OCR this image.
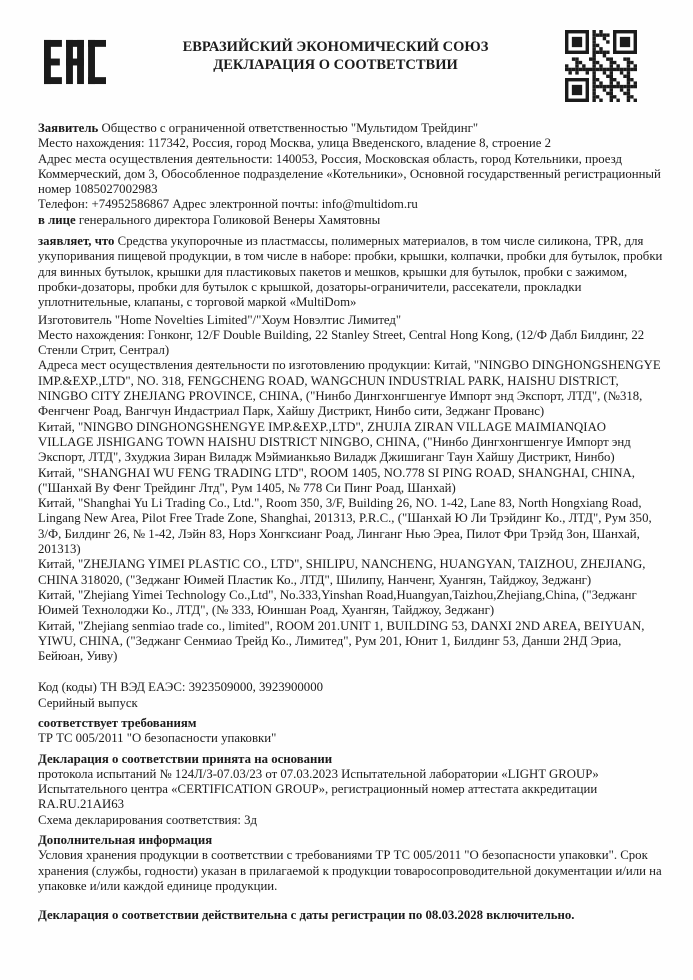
ЕВРАЗИЙСКИЙ ЭКОНОМИЧЕСКИЙ СОЮЗ
ДЕКЛАРАЦИЯ О СООТВЕТСТВИИ
Заявитель Общество с ограниченной ответственностью "Мультидом Трейдинг"
Место нахождения: 117342, Россия, город Москва, улица Введенского, владение 8, строение 2
Адрес места осуществления деятельности: 140053, Россия, Московская область, город Котельники, проезд Коммерческий, дом 3, Обособленное подразделение «Котельники», Основной государственный регистрационный номер 1085027002983
Телефон: +74952586867 Адрес электронной почты: info@multidom.ru
в лице генерального директора Голиковой Венеры Хамятовны
заявляет, что Средства укупорочные из пластмассы, полимерных материалов, в том числе силикона, TPR, для укупоривания пищевой продукции, в том числе в наборе: пробки, крышки, колпачки, пробки для бутылок, пробки для винных бутылок, крышки для пластиковых пакетов и мешков, крышки для бутылок, пробки с зажимом, пробки-дозаторы, пробки для бутылок с крышкой, дозаторы-ограничители, рассекатели, прокладки уплотнительные, клапаны, с торговой маркой «MultiDom»
Изготовитель "Home Novelties Limited"/"Хоум Новэлтис Лимитед"
Место нахождения: Гонконг, 12/F Double Building, 22 Stanley Street, Central Hong Kong, (12/Ф Дабл Билдинг, 22 Стенли Стрит, Сентрал)
Адреса мест осуществления деятельности по изготовлению продукции: Китай, "NINGBO DINGHONGSHENGYE IMP.&EXP.,LTD", NO. 318, FENGCHENG ROAD, WANGCHUN INDUSTRIAL PARK, HAISHU DISTRICT, NINGBO CITY ZHEJIANG PROVINCE, CHINA, ("Нинбо Дингхонгшенгуе Импорт энд Экспорт, ЛТД", (№318, Фенгченг Роад, Вангчун Индастриал Парк, Хайшу Дистрикт, Нинбо сити, Зеджанг Прованс)
Китай, "NINGBO DINGHONGSHENGYE IMP.&EXP.,LTD", ZHUJIA ZIRAN VILLAGE MAIMIANQIAO VILLAGE JISHIGANG TOWN HAISHU DISTRICT NINGBO, CHINA, ("Нинбо Дингхонгшенгуе Импорт энд Экспорт, ЛТД", Зхуджиа Зиран Виладж Мэймианкьяо Виладж Джишиганг Таун Хайшу Дистрикт, Нинбо)
Китай, "SHANGHAI WU FENG TRADING LTD", ROOM 1405, NO.778 SI PING ROAD, SHANGHAI, CHINA, ("Шанхай Ву Фенг Трейдинг Лтд", Рум 1405, № 778 Си Пинг Роад, Шанхай)
Китай, "Shanghai Yu Li Trading Co., Ltd.", Room 350, 3/F, Building 26, NO. 1-42, Lane 83, North Hongxiang Road, Lingang New Area, Pilot Free Trade Zone, Shanghai, 201313, P.R.C., ("Шанхай Ю Ли Трэйдинг Ко., ЛТД", Рум 350, 3/Ф, Билдинг 26, № 1-42, Лэйн 83, Норз Хонгксианг Роад, Линганг Нью Эреа, Пилот Фри Трэйд Зон, Шанхай, 201313)
Китай, "ZHEJIANG YIMEI PLASTIC CO., LTD", SHILIPU, NANCHENG, HUANGYAN, TAIZHOU, ZHEJIANG, CHINA 318020, ("Зеджанг Юимей Пластик Ко., ЛТД", Шилипу, Нанченг, Хуангян, Тайджоу, Зеджанг)
Китай, "Zhejiang Yimei Technology Co.,Ltd", No.333,Yinshan Road,Huangyan,Taizhou,Zhejiang,China, ("Зеджанг Юимей Технолоджи Ко., ЛТД", (№ 333, Юиншан Роад, Хуангян, Тайджоу, Зеджанг)
Китай, "Zhejiang senmiao trade co., limited", ROOM 201.UNIT 1, BUILDING 53, DANXI 2ND AREA, BEIYUAN, YIWU, CHINA, ("Зеджанг Сенмиао Трейд Ко., Лимитед", Рум 201, Юнит 1, Билдинг 53, Данши 2НД Эриа, Бейюан, Уиву)
Код (коды) ТН ВЭД ЕАЭС: 3923509000, 3923900000
Серийный выпуск
соответствует требованиям
ТР ТС 005/2011 "О безопасности упаковки"
Декларация о соответствии принята на основании
протокола испытаний № 124Л/З-07.03/23 от 07.03.2023 Испытательной лаборатории «LIGHT GROUP» Испытательного центра «CERTIFICATION GROUP», регистрационный номер аттестата аккредитации RA.RU.21АИ63
Схема декларирования соответствия: 3д
Дополнительная информация
Условия хранения продукции в соответствии с требованиями ТР ТС 005/2011 "О безопасности упаковки". Срок хранения (службы, годности) указан в прилагаемой к продукции товаросопроводительной документации и/или на упаковке и/или каждой единице продукции.
Декларация о соответствии действительна с даты регистрации по 08.03.2028 включительно.
